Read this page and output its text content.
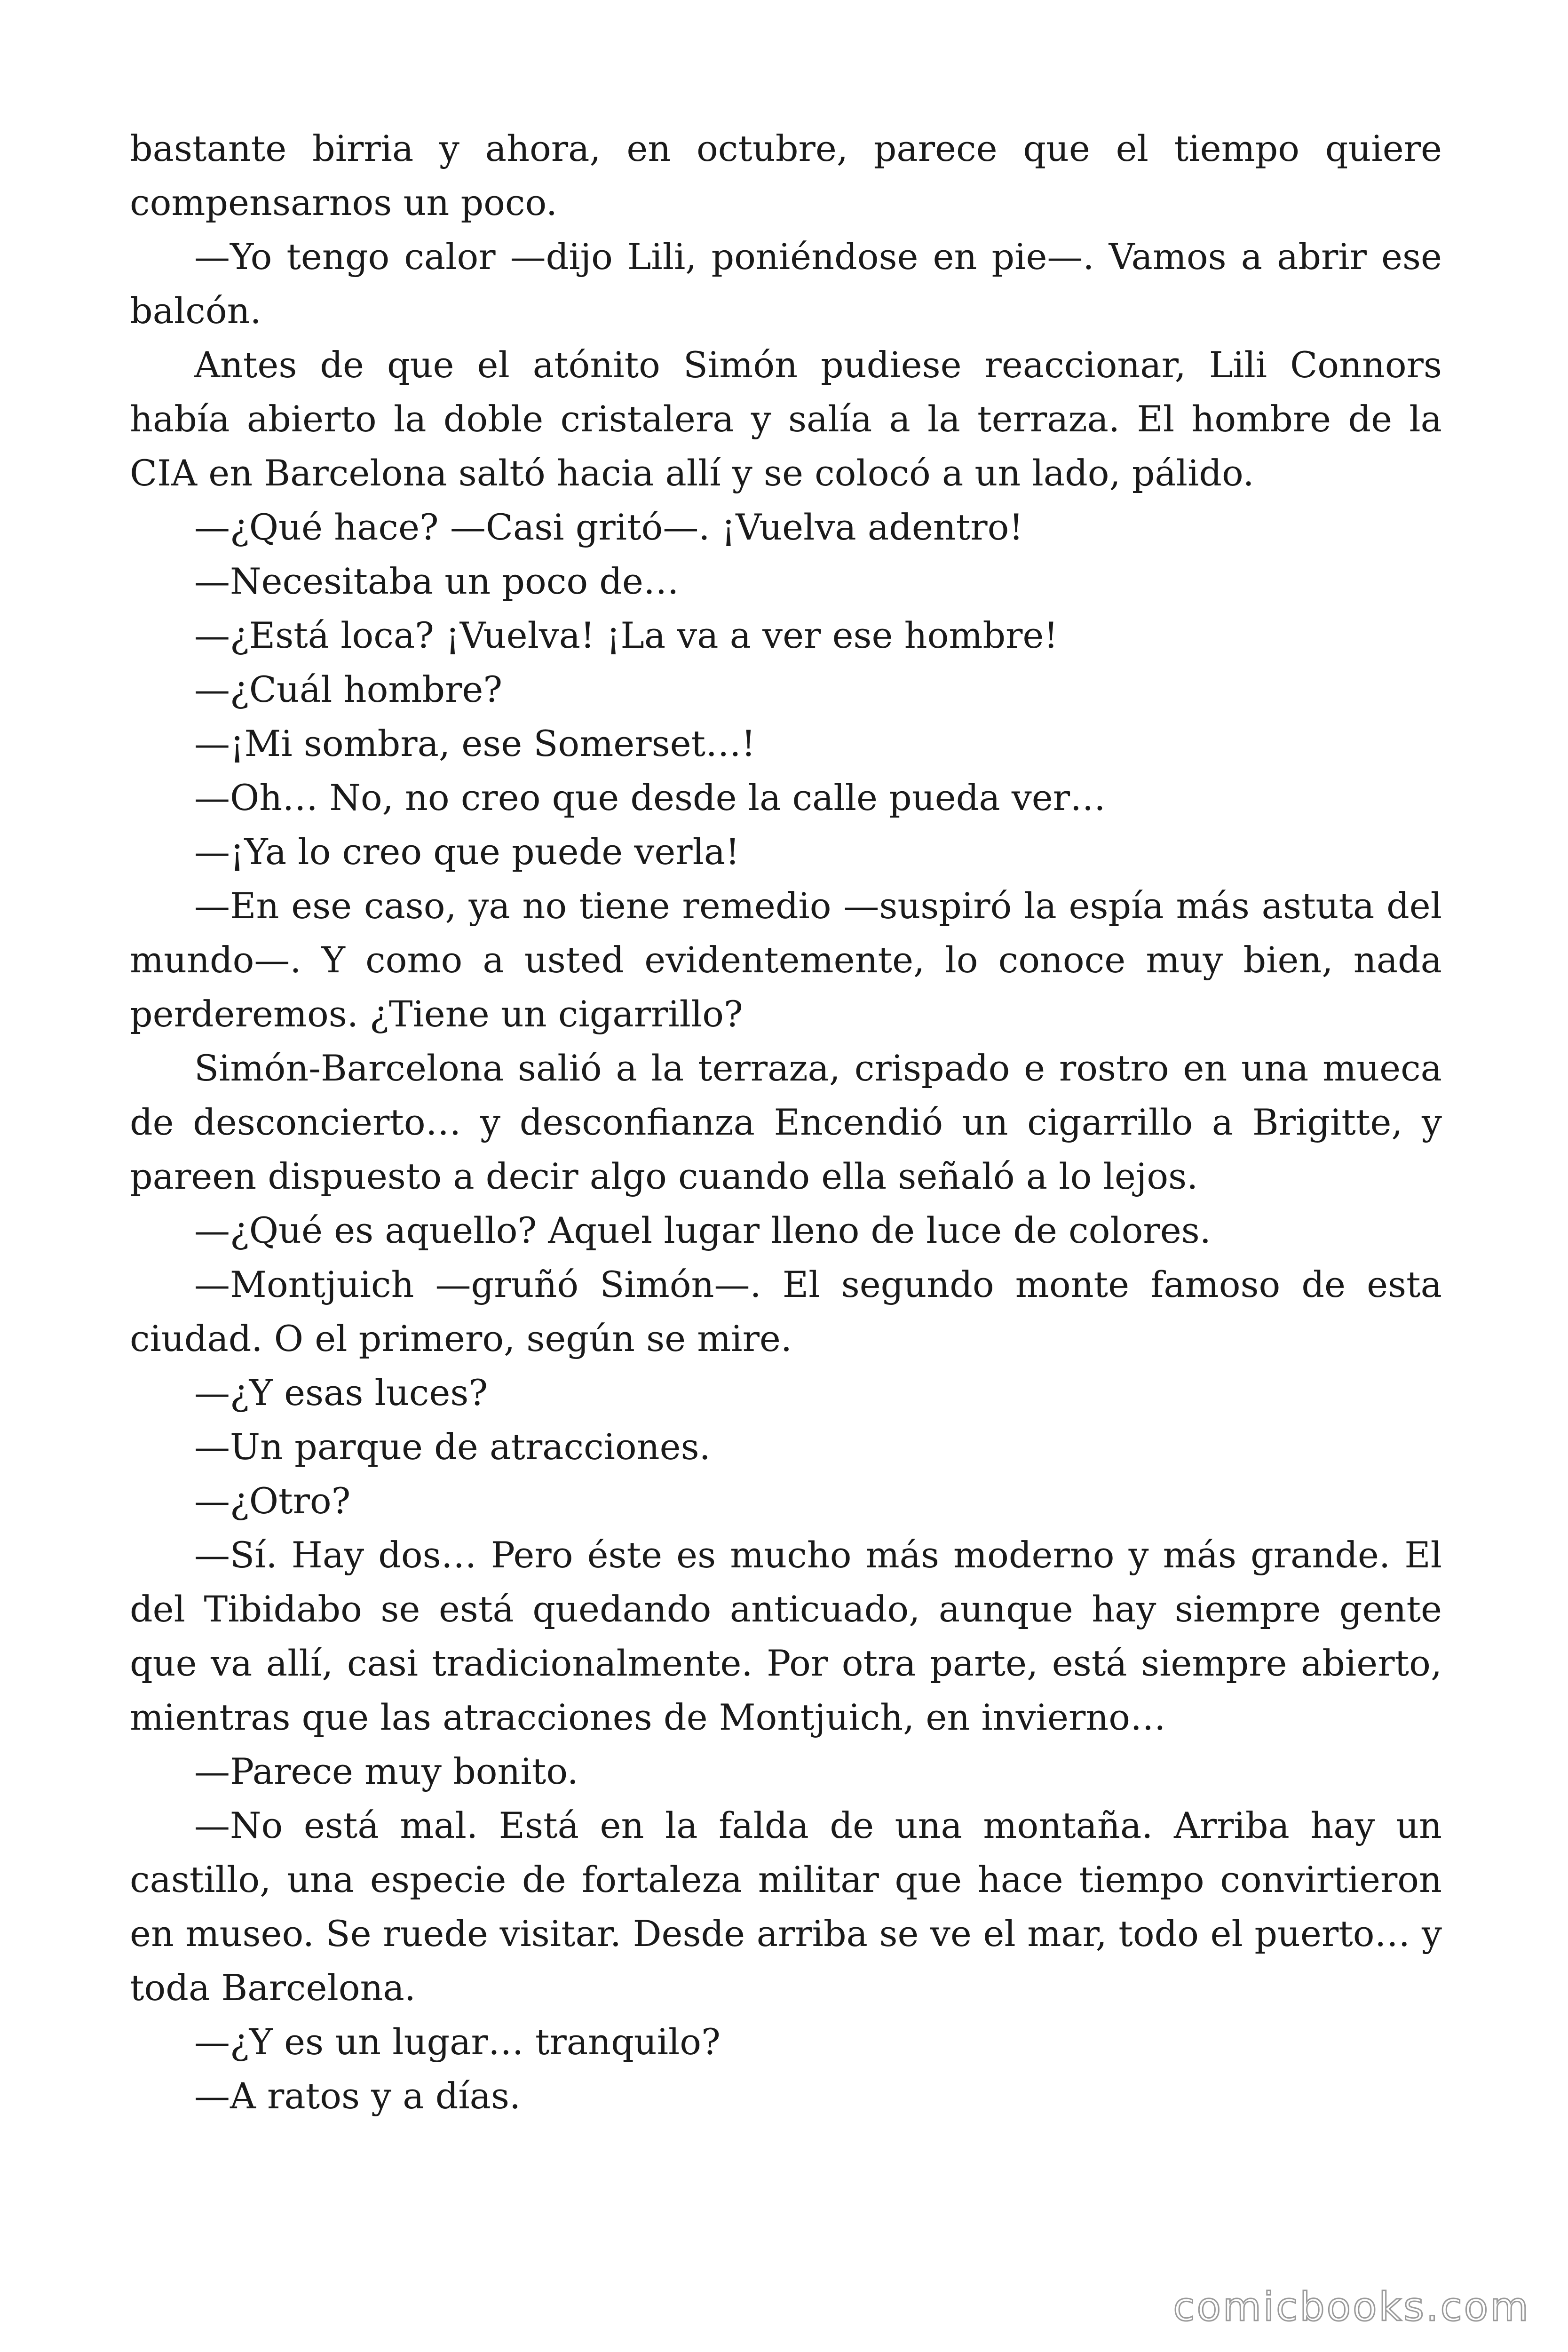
bastante birria y ahora, en octubre, parece que el tiempo quiere compensarnos un poco.

—Yo tengo calor —dijo Lili, poniéndose en pie—. Vamos a abrir ese balcón.

Antes de que el atónito Simón pudiese reaccionar, Lili Connors había abierto la doble cristalera y salía a la terraza. El hombre de la CIA en Barcelona saltó hacia allí y se colocó a un lado, pálido.

—¿Qué hace? —Casi gritó—. ¡Vuelva adentro!

—Necesitaba un poco de…

—¿Está loca? ¡Vuelva! ¡La va a ver ese hombre!

—¿Cuál hombre?

—¡Mi sombra, ese Somerset…!

—Oh… No, no creo que desde la calle pueda ver…

—¡Ya lo creo que puede verla!

—En ese caso, ya no tiene remedio —suspiró la espía más astuta del mundo—. Y como a usted evidentemente, lo conoce muy bien, nada perderemos. ¿Tiene un cigarrillo?

Simón-Barcelona salió a la terraza, crispado e rostro en una mueca de desconcierto… y desconfianza Encendió un cigarrillo a Brigitte, y pareen dispuesto a decir algo cuando ella señaló a lo lejos.

—¿Qué es aquello? Aquel lugar lleno de luce de colores.

—Montjuich —gruñó Simón—. El segundo monte famoso de esta ciudad. O el primero, según se mire.

—¿Y esas luces?

—Un parque de atracciones.

—¿Otro?

—Sí. Hay dos… Pero éste es mucho más moderno y más grande. El del Tibidabo se está quedando anticuado, aunque hay siempre gente que va allí, casi tradicionalmente. Por otra parte, está siempre abierto, mientras que las atracciones de Montjuich, en invierno…

—Parece muy bonito.

—No está mal. Está en la falda de una montaña. Arriba hay un castillo, una especie de fortaleza militar que hace tiempo convirtieron en museo. Se ruede visitar. Desde arriba se ve el mar, todo el puerto… y toda Barcelona.

—¿Y es un lugar… tranquilo?

—A ratos y a días.

comicbooks.com
